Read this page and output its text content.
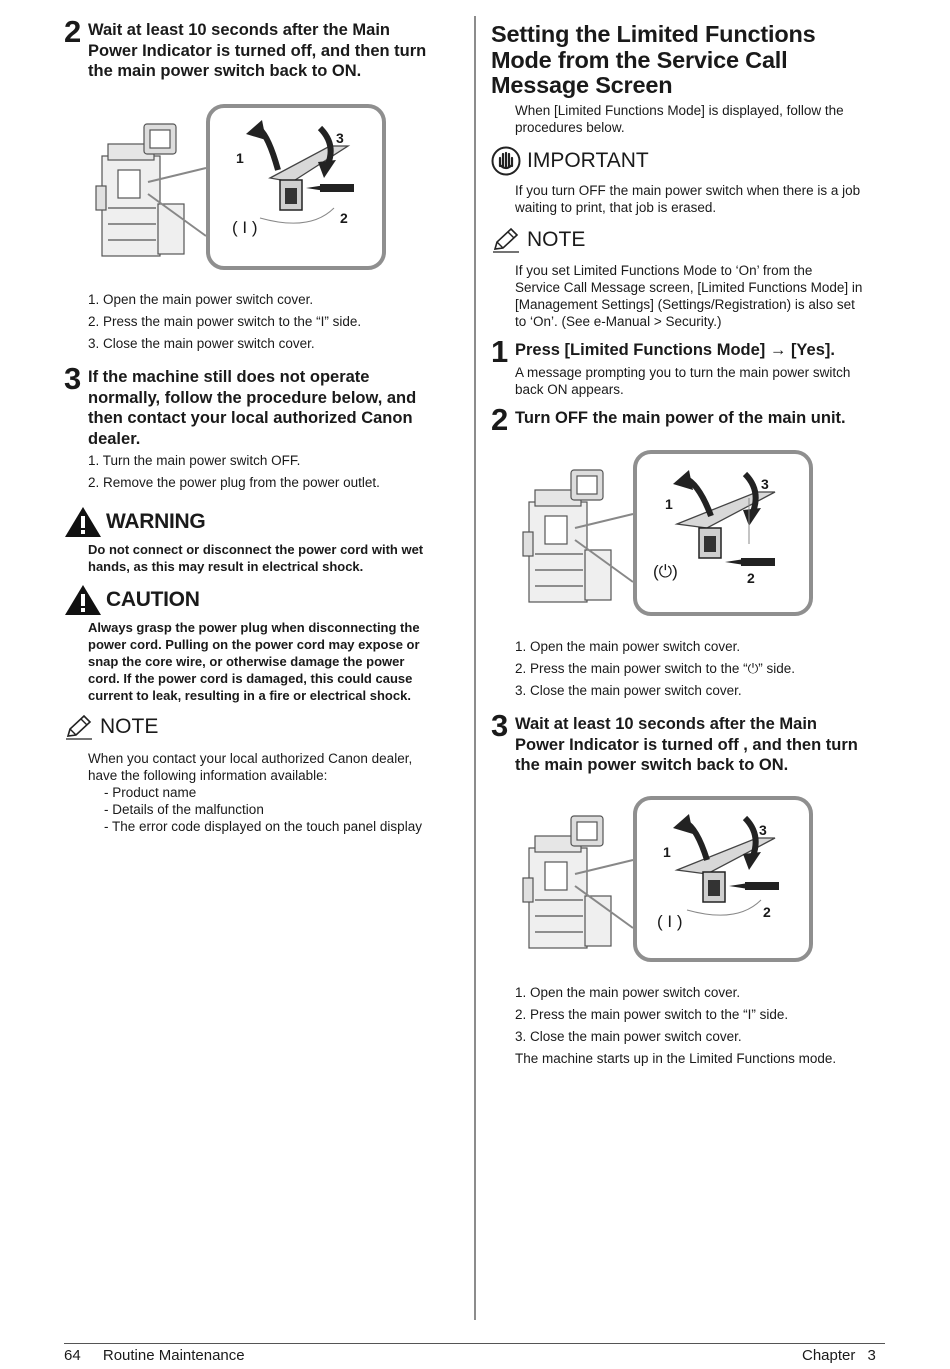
2 Wait at least 10 seconds after the Main
Power Indicator is turned off, and then turn
the main power switch back to ON.
1
3
2
( I )
1. Open the main power switch cover.
2. Press the main power switch to the “I” side.
3. Close the main power switch cover.
3 If the machine still does not operate
normally, follow the procedure below, and
then contact your local authorized Canon
dealer.
1. Turn the main power switch OFF.
2. Remove the power plug from the power outlet.
WARNING
Do not connect or disconnect the power cord with wet
hands, as this may result in electrical shock.
CAUTION
Always grasp the power plug when disconnecting the
power cord. Pulling on the power cord may expose or
snap the core wire, or otherwise damage the power
cord. If the power cord is damaged, this could cause
current to leak, resulting in a fire or electrical shock.
NOTE
When you contact your local authorized Canon dealer,
have the following information available:
- Product name
- Details of the malfunction
- The error code displayed on the touch panel display
Setting the Limited Functions
Mode from the Service Call
Message Screen
When [Limited Functions Mode] is displayed, follow the
procedures below.
IMPORTANT
If you turn OFF the main power switch when there is a job
waiting to print, that job is erased.
NOTE
If you set Limited Functions Mode to ‘On’ from the
Service Call Message screen, [Limited Functions Mode] in
[Management Settings] (Settings/Registration) is also set
to ‘On’. (See e-Manual > Security.)
1 Press [Limited Functions Mode] → [Yes].
A message prompting you to turn the main power switch
back ON appears.
2 Turn OFF the main power of the main unit.
1
3
2
(⏻)
1. Open the main power switch cover.
2. Press the main power switch to the “⏻” side.
3. Close the main power switch cover.
3 Wait at least 10 seconds after the Main
Power Indicator is turned off , and then turn
the main power switch back to ON.
1
3
2
( I )
1. Open the main power switch cover.
2. Press the main power switch to the “I” side.
3. Close the main power switch cover.
The machine starts up in the Limited Functions mode.
64 Routine Maintenance	Chapter 3
